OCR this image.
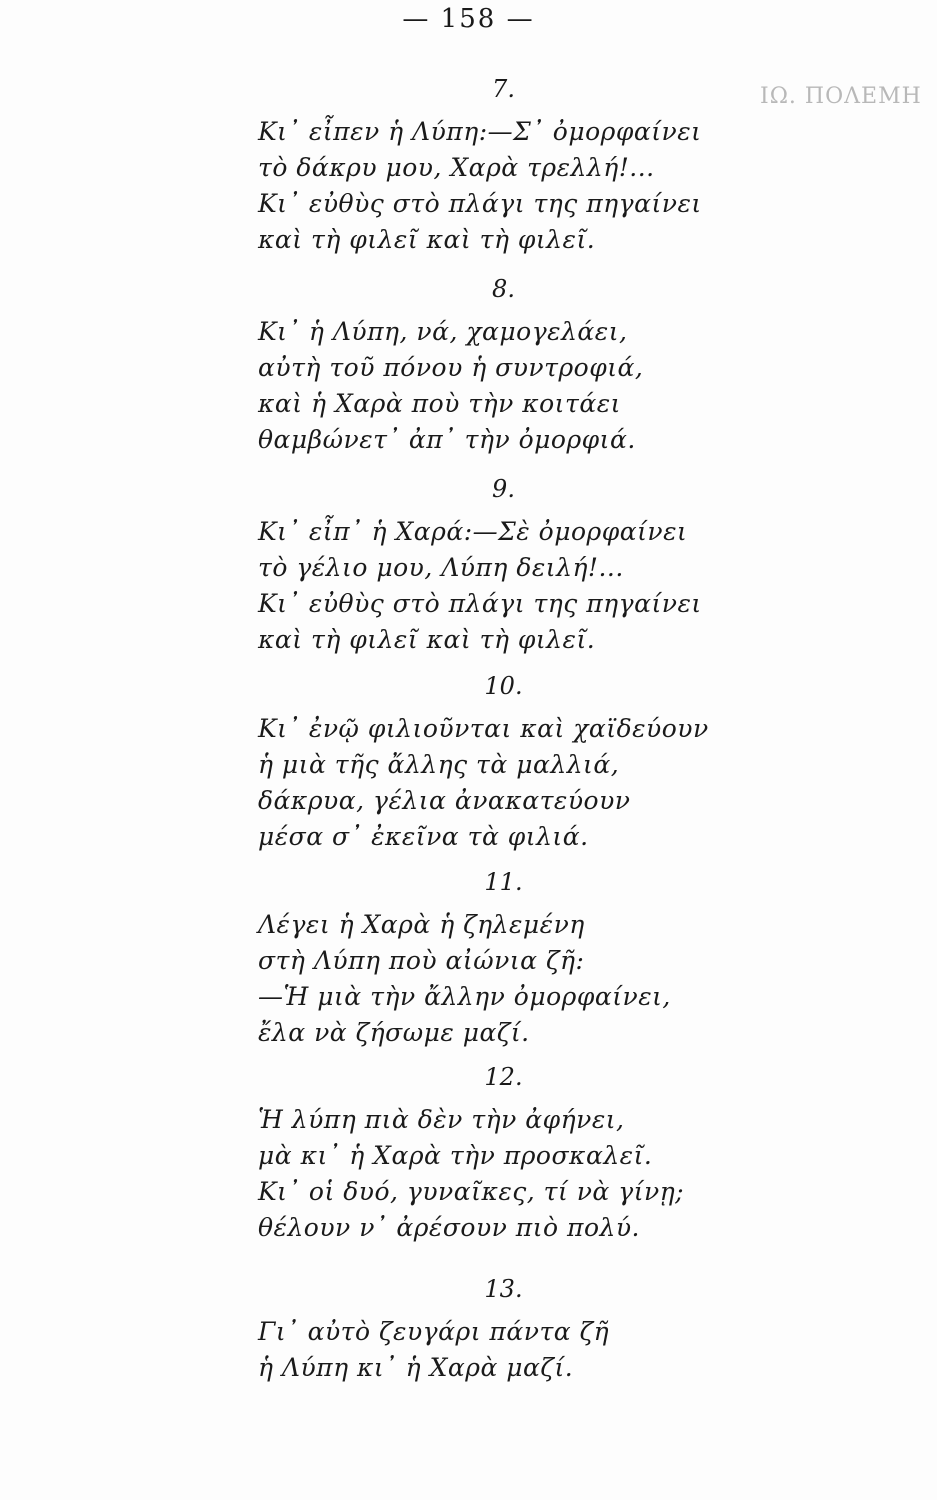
ΙΩ. ΠΟΛΕΜΗ
— 158 —
7.
Κι᾽ εἶπεν ἡ Λύπη:—Σ᾽ ὀμορφαίνει
τὸ δάκρυ μου, Χαρὰ τρελλή!...
Κι᾽ εὐθὺς στὸ πλάγι της πηγαίνει
καὶ τὴ φιλεῖ καὶ τὴ φιλεῖ.
8.
Κι᾽ ἡ Λύπη, νά, χαμογελάει,
αὐτὴ τοῦ πόνου ἡ συντροφιά,
καὶ ἡ Χαρὰ ποὺ τὴν κοιτάει
θαμβώνετ᾽ ἀπ᾽ τὴν ὀμορφιά.
9.
Κι᾽ εἶπ᾽ ἡ Χαρά:—Σὲ ὀμορφαίνει
τὸ γέλιο μου, Λύπη δειλή!...
Κι᾽ εὐθὺς στὸ πλάγι της πηγαίνει
καὶ τὴ φιλεῖ καὶ τὴ φιλεῖ.
10.
Κι᾽ ἐνῷ φιλιοῦνται καὶ χαϊδεύουν
ἡ μιὰ τῆς ἄλλης τὰ μαλλιά,
δάκρυα, γέλια ἀνακατεύουν
μέσα σ᾽ ἐκεῖνα τὰ φιλιά.
11.
Λέγει ἡ Χαρὰ ἡ ζηλεμένη
στὴ Λύπη ποὺ αἰώνια ζῆ:
—Ἡ μιὰ τὴν ἄλλην ὀμορφαίνει,
ἔλα νὰ ζήσωμε μαζί.
12.
Ἡ λύπη πιὰ δὲν τὴν ἀφήνει,
μὰ κι᾽ ἡ Χαρὰ τὴν προσκαλεῖ.
Κι᾽ οἱ δυό, γυναῖκες, τί νὰ γίνῃ;
θέλουν ν᾽ ἀρέσουν πιὸ πολύ.
13.
Γι᾽ αὐτὸ ζευγάρι πάντα ζῆ
ἡ Λύπη κι᾽ ἡ Χαρὰ μαζί.
